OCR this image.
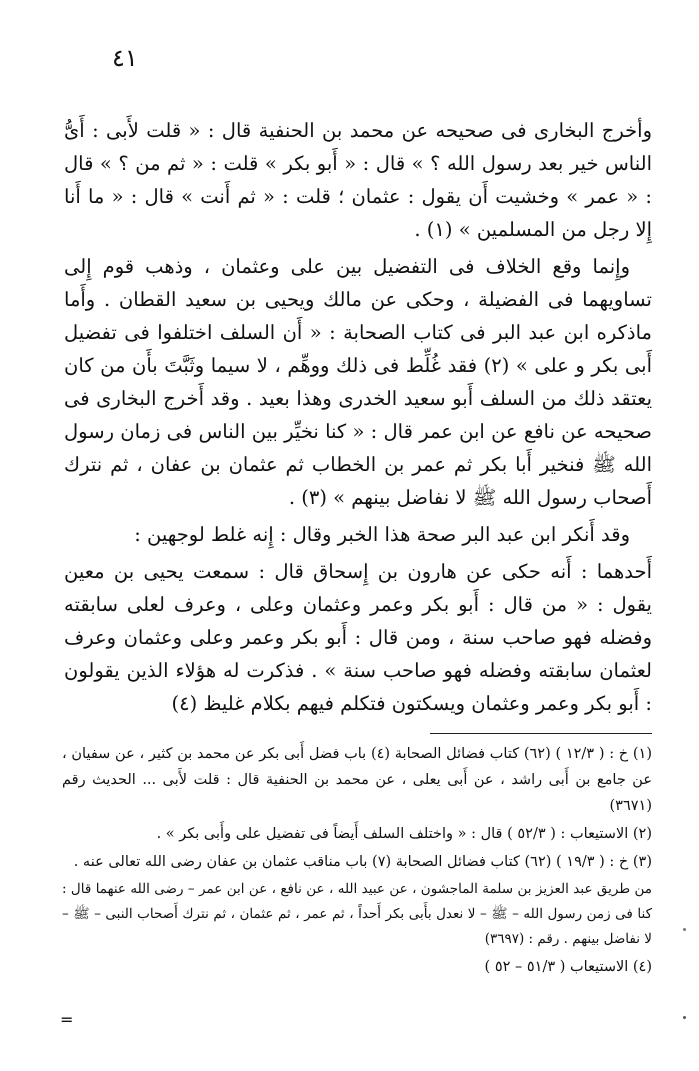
٤١

وأخرج البخارى فى صحيحه عن محمد بن الحنفية قال : « قلت لأَبى : أَىُّ الناس خير بعد رسول الله ؟ » قال : « أَبو بكر » قلت : « ثم من ؟ » قال : « عمر » وخشيت أَن يقول : عثمان ؛ قلت : « ثم أَنت » قال : « ما أَنا إِلا رجل من المسلمين » (١) .

وإِنما وقع الخلاف فى التفضيل بين على وعثمان ، وذهب قوم إِلى تساويهما فى الفضيلة ، وحكى عن مالك ويحيى بن سعيد القطان . وأَما ماذكره ابن عبد البر فى كتاب الصحابة : « أَن السلف اختلفوا فى تفضيل أَبى بكر و على » (٢) فقد غُلِّط فى ذلك ووهِّم ، لا سيما وثَبَّتَ بأَن من كان يعتقد ذلك من السلف أَبو سعيد الخدرى وهذا بعيد . وقد أَخرج البخارى فى صحيحه عن نافع عن ابن عمر قال : « كنا نخيِّر بين الناس فى زمان رسول الله ﷺ فنخير أَبا بكر ثم عمر بن الخطاب ثم عثمان بن عفان ، ثم نترك أَصحاب رسول الله ﷺ لا نفاضل بينهم » (٣) .

وقد أَنكر ابن عبد البر صحة هذا الخبر وقال : إِنه غلط لوجهين :

أَحدهما : أَنه حكى عن هارون بن إِسحاق قال : سمعت يحيى بن معين يقول : « من قال : أَبو بكر وعمر وعثمان وعلى ، وعرف لعلى سابقته وفضله فهو صاحب سنة ، ومن قال : أَبو بكر وعمر وعلى وعثمان وعرف لعثمان سابقته وفضله فهو صاحب سنة » . فذكرت له هؤلاء الذين يقولون : أَبو بكر وعمر وعثمان ويسكتون فتكلم فيهم بكلام غليظ (٤)

(١) خ : ( ١٢/٣ ) (٦٢) كتاب فضائل الصحابة (٤) باب فضل أَبى بكر عن محمد بن كثير ، عن سفيان ، عن جامع بن أَبى راشد ، عن أَبى يعلى ، عن محمد بن الحنفية قال : قلت لأَبى ... الحديث رقم (٣٦٧١)

(٢) الاستيعاب : ( ٥٢/٣ ) قال : « واختلف السلف أَيضاً فى تفضيل على وأَبى بكر » .

(٣) خ : ( ١٩/٣ ) (٦٢) كتاب فضائل الصحابة (٧) باب مناقب عثمان بن عفان رضى الله تعالى عنه .

من طريق عبد العزيز بن سلمة الماجشون ، عن عبيد الله ، عن نافع ، عن ابن عمر – رضى الله عنهما قال : كنا فى زمن رسول الله – ﷺ – لا نعدل بأَبى بكر أَحداً ، ثم عمر ، ثم عثمان ، ثم نترك أَصحاب النبى – ﷺ – لا نفاضل بينهم . رقم : (٣٦٩٧)

(٤) الاستيعاب ( ٥١/٣ – ٥٢ )

=
